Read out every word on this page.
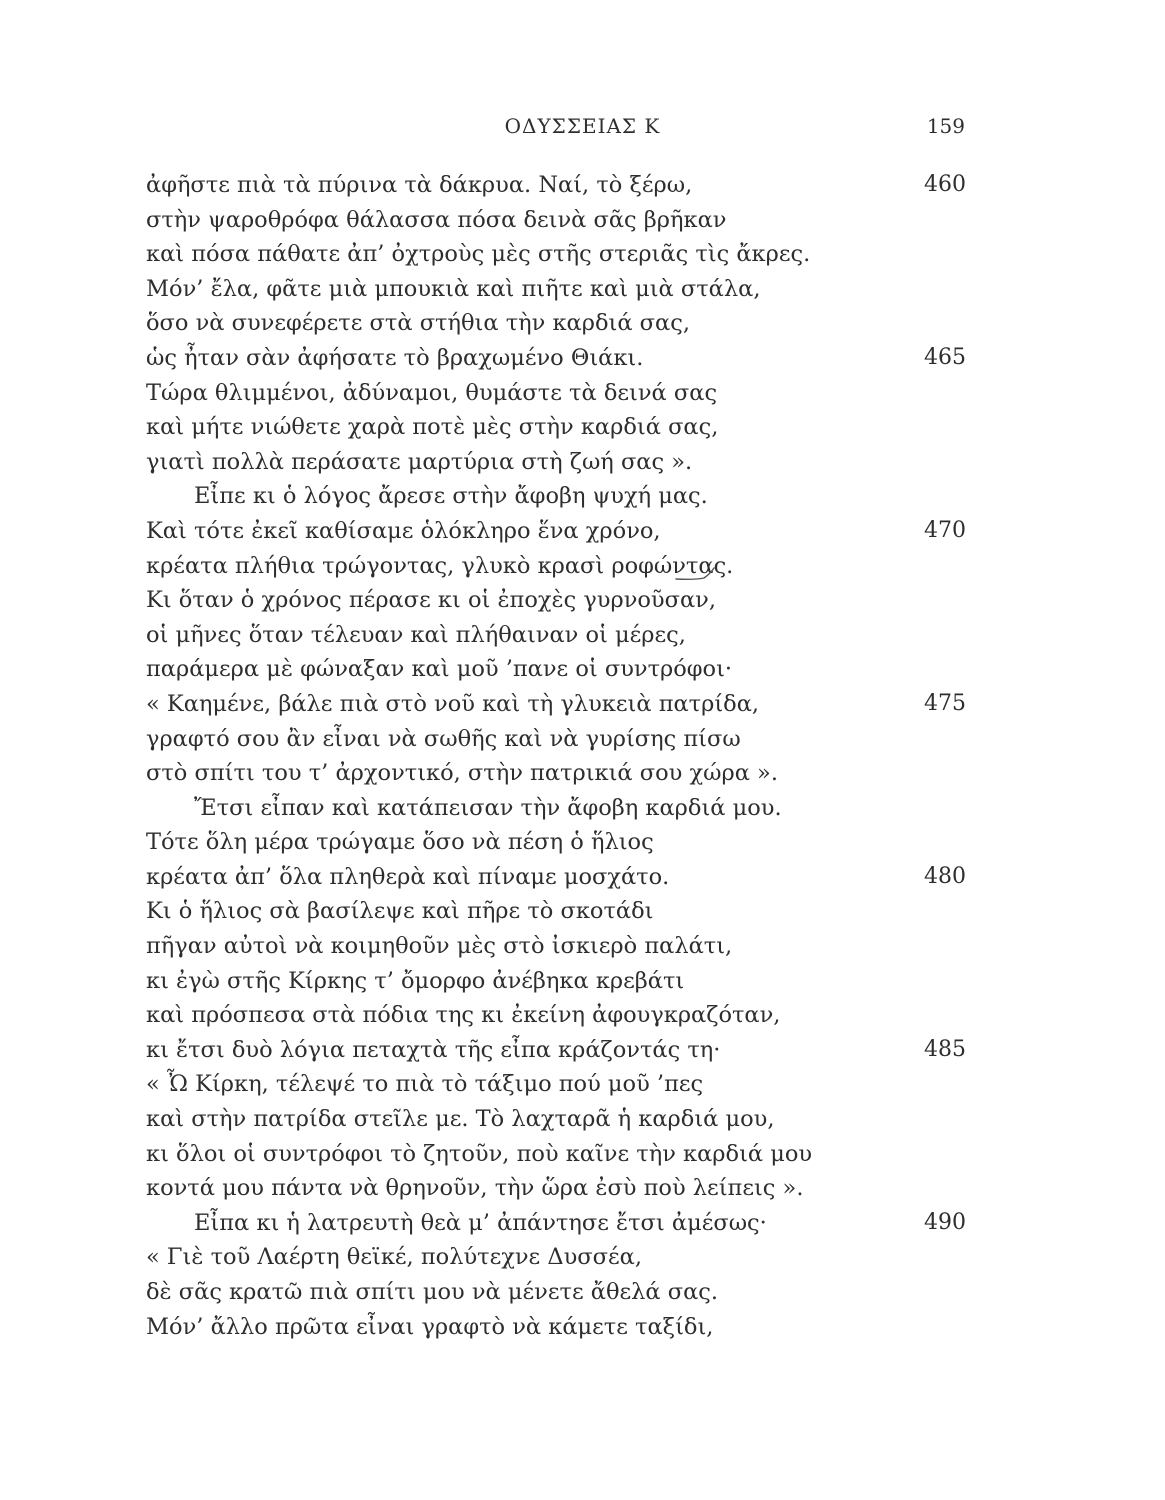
ΟΔΥΣΣΕΙΑΣ Κ	159
ἀφῆστε πιὰ τὰ πύρινα τὰ δάκρυα. Ναί, τὸ ξέρω,	460
στὴν ψαροθρόφα θάλασσα πόσα δεινὰ σᾶς βρῆκαν
καὶ πόσα πάθατε ἀπ’ ὀχτροὺς μὲς στῆς στεριᾶς τὶς ἄκρες.
Μόν’ ἔλα, φᾶτε μιὰ μπουκιὰ καὶ πιῆτε καὶ μιὰ στάλα,
ὅσο νὰ συνεφέρετε στὰ στήθια τὴν καρδιά σας,
ὡς ἦταν σὰν ἀφήσατε τὸ βραχωμένο Θιάκι.	465
Τώρα θλιμμένοι, ἀδύναμοι, θυμάστε τὰ δεινά σας
καὶ μήτε νιώθετε χαρὰ ποτὲ μὲς στὴν καρδιά σας,
γιατὶ πολλὰ περάσατε μαρτύρια στὴ ζωή σας ».
Εἶπε κι ὁ λόγος ἄρεσε στὴν ἄφοβη ψυχή μας.
Καὶ τότε ἐκεῖ καθίσαμε ὁλόκληρο ἕνα χρόνο,	470
κρέατα πλήθια τρώγοντας, γλυκὸ κρασὶ ροφώντας.
Κι ὅταν ὁ χρόνος πέρασε κι οἱ ἐποχὲς γυρνοῦσαν,
οἱ μῆνες ὅταν τέλευαν καὶ πλήθαιναν οἱ μέρες,
παράμερα μὲ φώναξαν καὶ μοῦ ’πανε οἱ συντρόφοι·
« Καημένε, βάλε πιὰ στὸ νοῦ καὶ τὴ γλυκειὰ πατρίδα,	475
γραφτό σου ἂν εἶναι νὰ σωθῆς καὶ νὰ γυρίσης πίσω
στὸ σπίτι του τ’ ἀρχοντικό, στὴν πατρικιά σου χώρα ».
Ἔτσι εἶπαν καὶ κατάπεισαν τὴν ἄφοβη καρδιά μου.
Τότε ὅλη μέρα τρώγαμε ὅσο νὰ πέση ὁ ἥλιος
κρέατα ἀπ’ ὅλα πληθερὰ καὶ πίναμε μοσχάτο.	480
Κι ὁ ἥλιος σὰ βασίλεψε καὶ πῆρε τὸ σκοτάδι
πῆγαν αὐτοὶ νὰ κοιμηθοῦν μὲς στὸ ἰσκιερὸ παλάτι,
κι ἐγὼ στῆς Κίρκης τ’ ὄμορφο ἀνέβηκα κρεβάτι
καὶ πρόσπεσα στὰ πόδια της κι ἐκείνη ἀφουγκραζόταν,
κι ἔτσι δυὸ λόγια πεταχτὰ τῆς εἶπα κράζοντάς τη·	485
« Ὦ Κίρκη, τέλεψέ το πιὰ τὸ τάξιμο πού μοῦ ’πες
καὶ στὴν πατρίδα στεῖλε με. Τὸ λαχταρᾶ ἡ καρδιά μου,
κι ὅλοι οἱ συντρόφοι τὸ ζητοῦν, ποὺ καῖνε τὴν καρδιά μου
κοντά μου πάντα νὰ θρηνοῦν, τὴν ὥρα ἐσὺ ποὺ λείπεις ».
Εἶπα κι ἡ λατρευτὴ θεὰ μ’ ἀπάντησε ἔτσι ἀμέσως·	490
« Γιὲ τοῦ Λαέρτη θεϊκέ, πολύτεχνε Δυσσέα,
δὲ σᾶς κρατῶ πιὰ σπίτι μου νὰ μένετε ἄθελά σας.
Μόν’ ἄλλο πρῶτα εἶναι γραφτὸ νὰ κάμετε ταξίδι,
